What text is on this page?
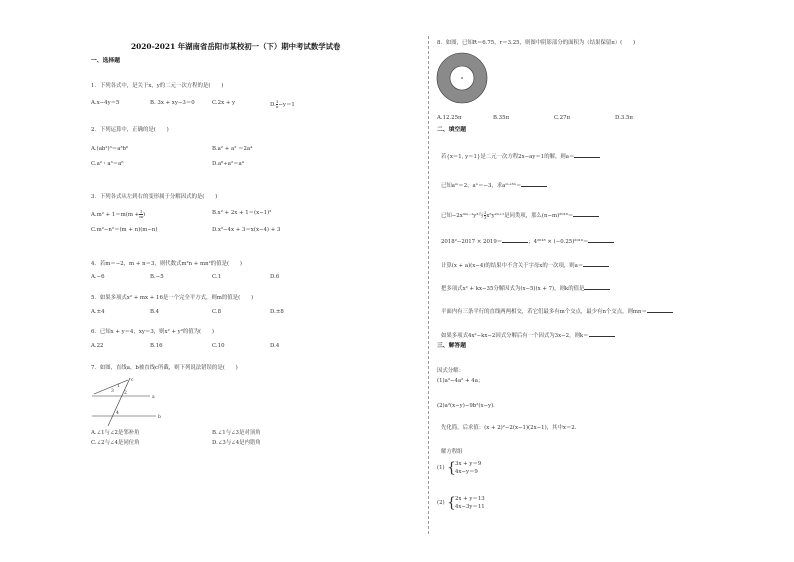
2020-2021 年湖南省岳阳市某校初一（下）期中考试数学试卷
一、选择题
1．下列各式中，是关于x，y的二元一次方程的是(　　)
A.x−4y＝5	B. 3x + xy−3＝0	C.2x + y	D. $\frac{1}{x} -y=1$
2．下列运算中，正确的是(　　)
A.(ab²)³＝a³b⁶	B.a² + a² ＝2a⁴
C.a²・a³＝a⁶	D.a⁸÷a²＝a⁴
3．下列各式从左到右的变形属于分解因式的是(　　)
$A.m^2 + 1=m(m + \frac{1}{m}$ )	B.x² + 2x + 1＝(x−1)²
C.m²−n²＝(m + n)(m−n)	D.x²−4x + 3＝x(x−4) + 3
4．若m＝−2，m + n＝3，则代数式m²n + mn²的值是(　　)
A.−6	B.−5	C.1	D.6
5．如果多项式x² + mx + 16是一个完全平方式，则m的值是(　　)
A.±4	B.4	C.8	D.±8
6．已知x + y＝4，xy＝3，则x² + y²的值为(　　)
A.22	B.16	C.10	D.4
7．如图，直线a，b被直线c所截，则下列说法错误的是(　　)
c
1
3 2
4
a
b
A.∠1与∠2是邻补角	B.∠1与∠3是对顶角
C.∠2与∠4是同位角	D.∠3与∠4是内错角
8．如图，已知R＝6.75，r＝3.25，则图中阴影部分的面积为（结果保留π）(　　)
A.12.25π	B.35π	C.27π	D.3.5π
二、填空题
若{x＝1, y＝1}是二元一次方程2x−ay＝1的解，则a＝
已知aᵐ＝2，aⁿ＝−3，求aᵐ⁺³ⁿ＝
已知−2x³ᵐ⁻¹y³与 $\frac{1}{3} x^5y^{2n+1}$是同类项，那么(n−m)²⁰¹⁸＝
2018²−2017 × 2019＝	；4²⁰¹⁸ × (−0.25)²⁰¹⁹＝
计算(x + a)(x−4)的结果中不含关于字母x的一次项，则a＝
把多项式x² + kx−35分解因式为(x−5)(x + 7)，则k的值是
平面内有三条平行的直线两两相交，若它们最多有m个交点，最少有n个交点，则mn＝
如果多项式4x²−kx−2因式分解后有一个因式为3x−2，则k＝
三、解答题
因式分解：
(1)a³−4a² + 4a；
(2)a²(x−y)−9b²(x−y)．
先化简，后求值：(x + 2)²−2(x−1)(2x−1)，其中x＝2．
解方程组
(1) { 3x + y＝9
4x−y＝9
(2) { 2x + y＝13
4x−3y＝11
